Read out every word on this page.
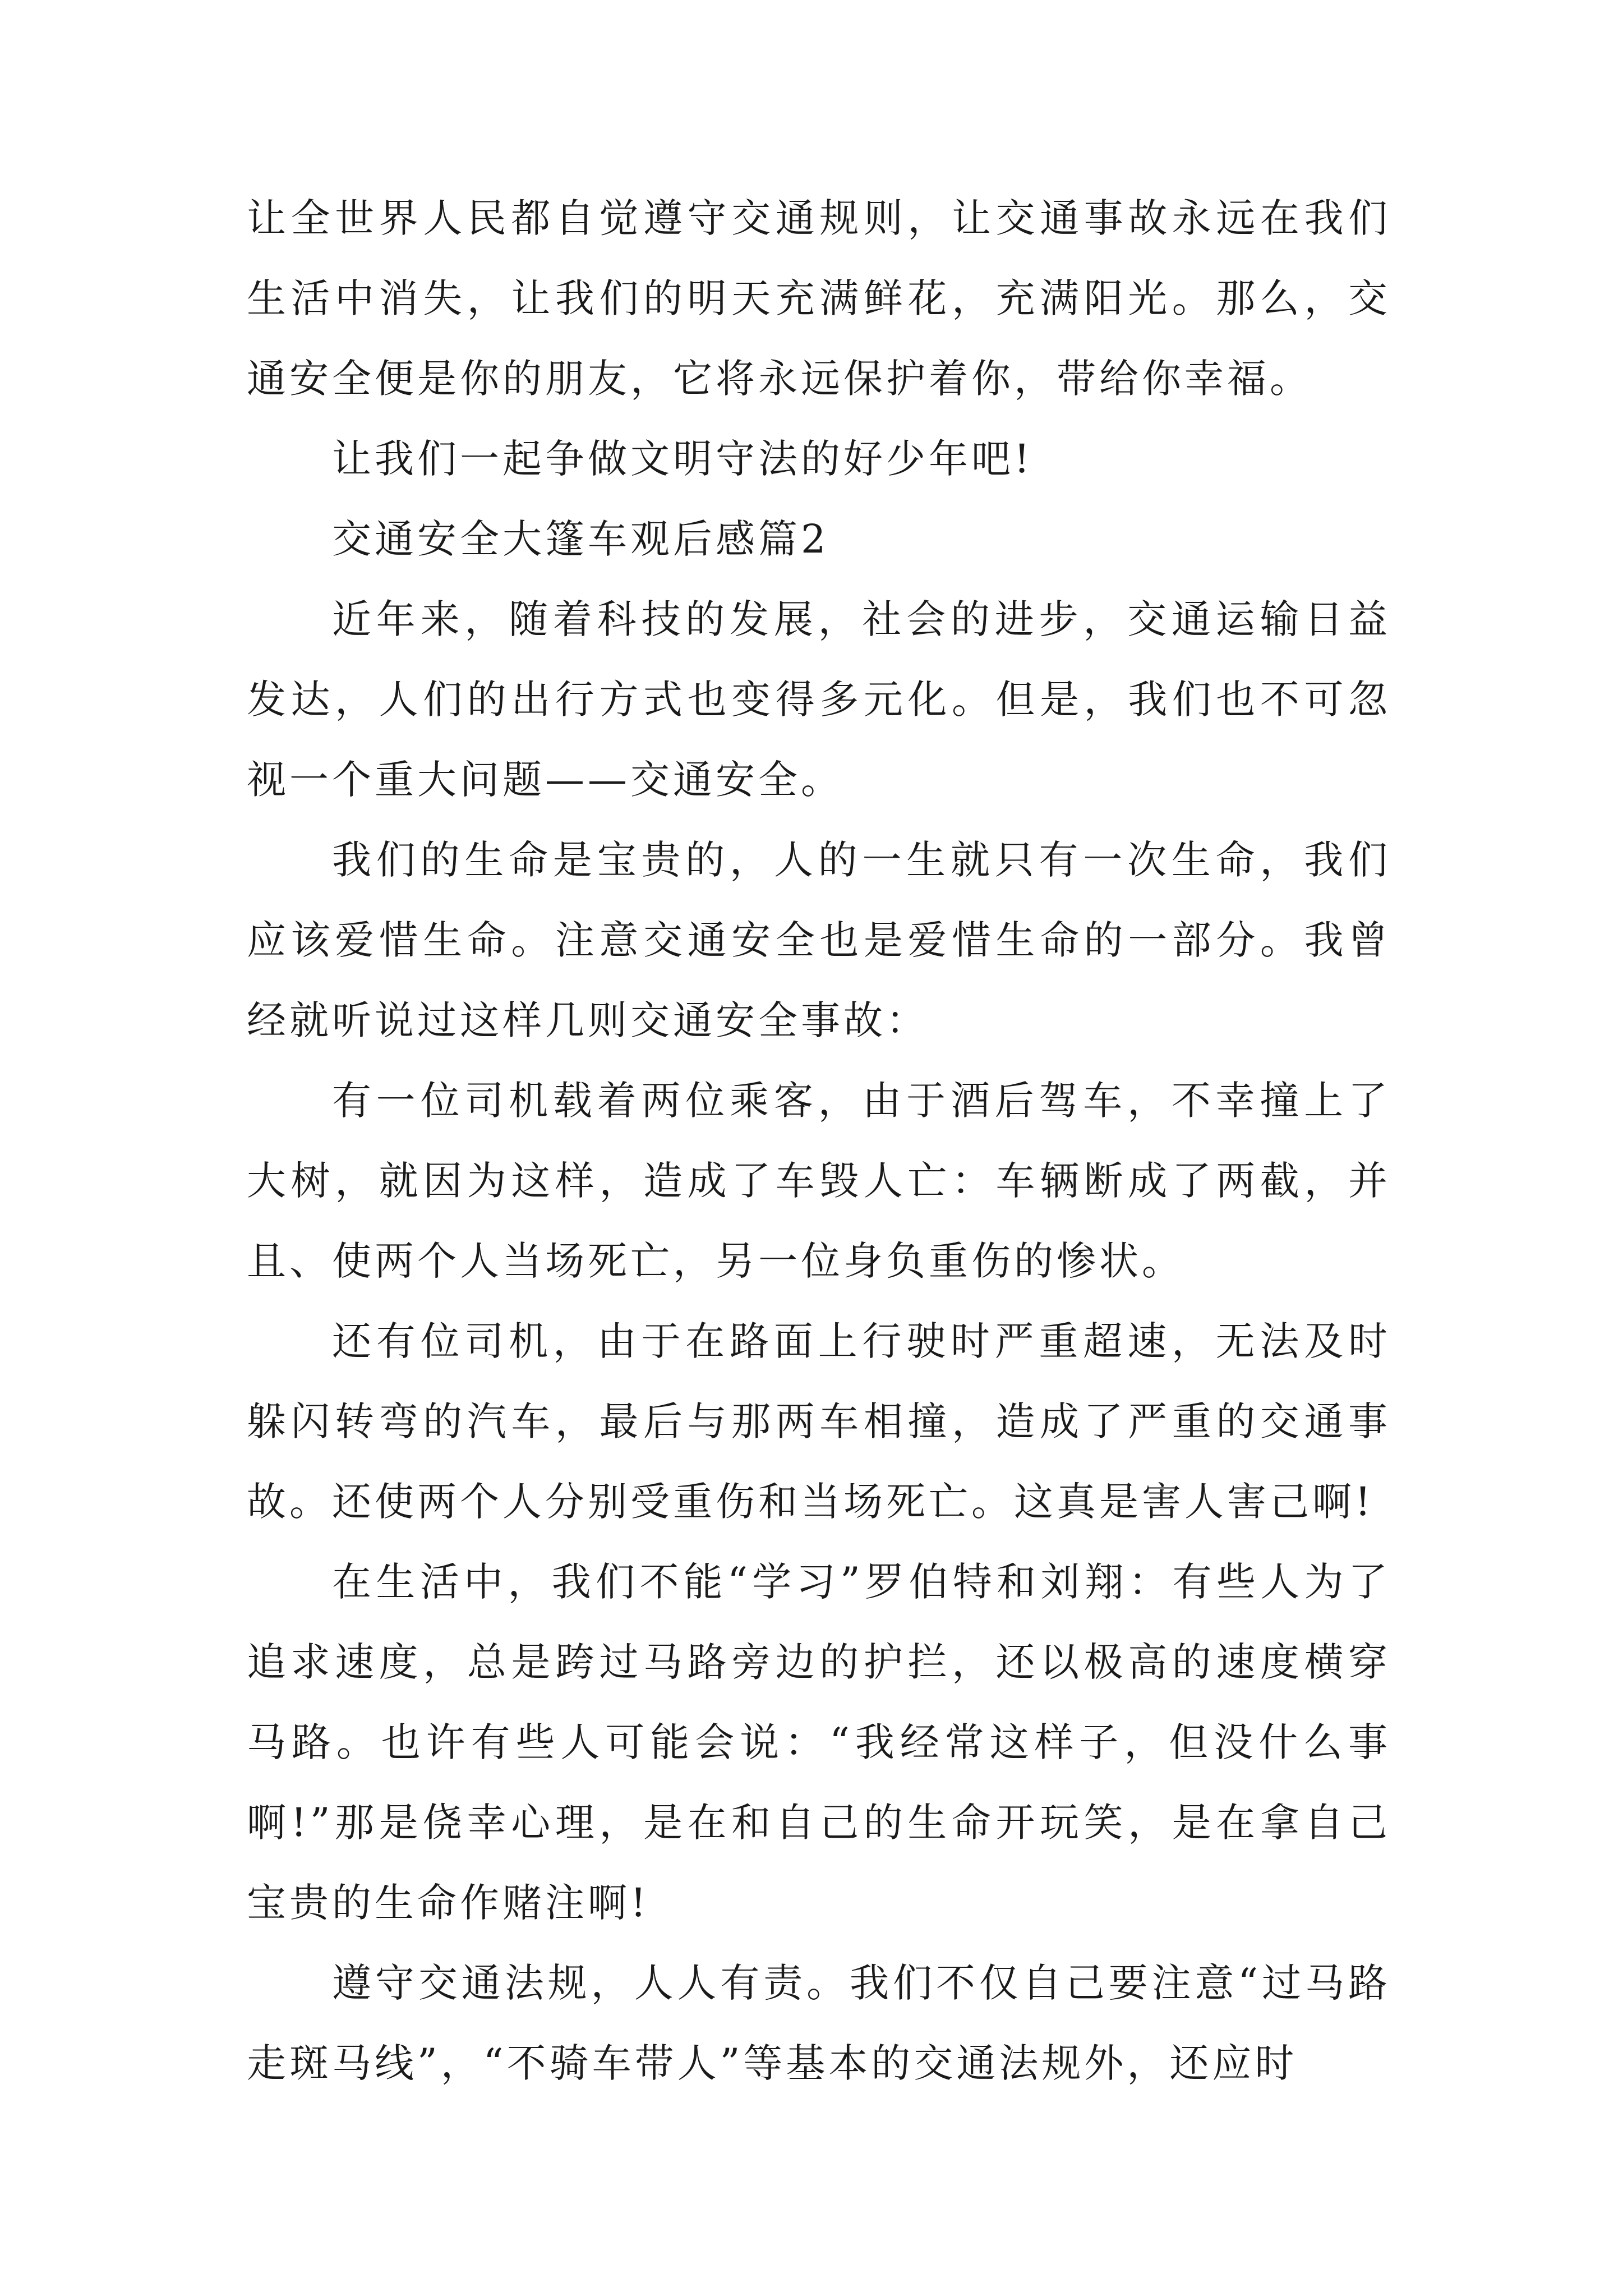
让全世界人民都自觉遵守交通规则，让交通事故永远在我们生活中消失，让我们的明天充满鲜花，充满阳光。那么，交通安全便是你的朋友，它将永远保护着你，带给你幸福。

让我们一起争做文明守法的好少年吧!

交通安全大篷车观后感篇2

近年来，随着科技的发展，社会的进步，交通运输日益发达，人们的出行方式也变得多元化。但是，我们也不可忽视一个重大问题——交通安全。

我们的生命是宝贵的，人的一生就只有一次生命，我们应该爱惜生命。注意交通安全也是爱惜生命的一部分。我曾经就听说过这样几则交通安全事故：

有一位司机载着两位乘客，由于酒后驾车，不幸撞上了大树，就因为这样，造成了车毁人亡：车辆断成了两截，并且、使两个人当场死亡，另一位身负重伤的惨状。

还有位司机，由于在路面上行驶时严重超速，无法及时躲闪转弯的汽车，最后与那两车相撞，造成了严重的交通事故。还使两个人分别受重伤和当场死亡。这真是害人害己啊!

在生活中，我们不能“学习”罗伯特和刘翔：有些人为了追求速度，总是跨过马路旁边的护拦，还以极高的速度横穿马路。也许有些人可能会说：“我经常这样子，但没什么事啊!”那是侥幸心理，是在和自己的生命开玩笑，是在拿自己宝贵的生命作赌注啊!

遵守交通法规，人人有责。我们不仅自己要注意“过马路走斑马线”，“不骑车带人”等基本的交通法规外，还应时
